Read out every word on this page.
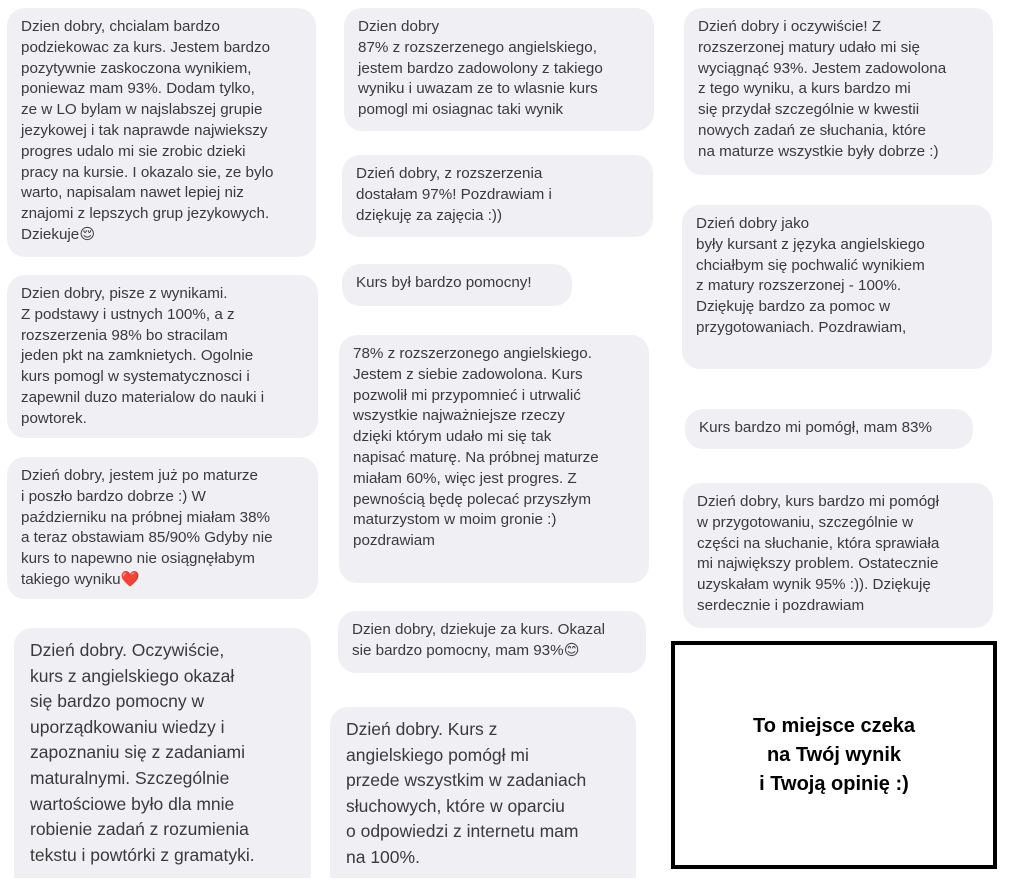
Dzien dobry, chcialam bardzo
podziekowac za kurs. Jestem bardzo
pozytywnie zaskoczona wynikiem,
poniewaz mam 93%. Dodam tylko,
ze w LO bylam w najslabszej grupie
jezykowej i tak naprawde najwiekszy
progres udalo mi sie zrobic dzieki
pracy na kursie. I okazalo sie, ze bylo
warto, napisalam nawet lepiej niz
znajomi z lepszych grup jezykowych.
Dziekuje😌
Dzien dobry, pisze z wynikami.
Z podstawy i ustnych 100%, a z
rozszerzenia 98% bo stracilam
jeden pkt na zamknietych. Ogolnie
kurs pomogl w systematycznosci i
zapewnil duzo materialow do nauki i
powtorek.
Dzień dobry, jestem już po maturze
i poszło bardzo dobrze :) W
październiku na próbnej miałam 38%
a teraz obstawiam 85/90% Gdyby nie
kurs to napewno nie osiągnęłabym
takiego wyniku❤️
Dzień dobry. Oczywiście,
kurs z angielskiego okazał
się bardzo pomocny w
uporządkowaniu wiedzy i
zapoznaniu się z zadaniami
maturalnymi. Szczególnie
wartościowe było dla mnie
robienie zadań z rozumienia
tekstu i powtórki z gramatyki.
Dzien dobry
87% z rozszerzenego angielskiego,
jestem bardzo zadowolony z takiego
wyniku i uwazam ze to wlasnie kurs
pomogl mi osiagnac taki wynik
Dzień dobry, z rozszerzenia
dostałam 97%! Pozdrawiam i
dziękuję za zajęcia :))
Kurs był bardzo pomocny!
78% z rozszerzonego angielskiego.
Jestem z siebie zadowolona. Kurs
pozwolił mi przypomnieć i utrwalić
wszystkie najważniejsze rzeczy
dzięki którym udało mi się tak
napisać maturę. Na próbnej maturze
miałam 60%, więc jest progres. Z
pewnością będę polecać przyszłym
maturzystom w moim gronie :)
pozdrawiam
Dzien dobry, dziekuje za kurs. Okazal
sie bardzo pomocny, mam 93%😊
Dzień dobry. Kurs z
angielskiego pomógł mi
przede wszystkim w zadaniach
słuchowych, które w oparciu
o odpowiedzi z internetu mam
na 100%.
Dzień dobry i oczywiście! Z
rozszerzonej matury udało mi się
wyciągnąć 93%. Jestem zadowolona
z tego wyniku, a kurs bardzo mi
się przydał szczególnie w kwestii
nowych zadań ze słuchania, które
na maturze wszystkie były dobrze :)
Dzień dobry jako
były kursant z języka angielskiego
chciałbym się pochwalić wynikiem
z matury rozszerzonej - 100%.
Dziękuję bardzo za pomoc w
przygotowaniach. Pozdrawiam,
Kurs bardzo mi pomógł, mam 83%
Dzień dobry, kurs bardzo mi pomógł
w przygotowaniu, szczególnie w
części na słuchanie, która sprawiała
mi największy problem. Ostatecznie
uzyskałam wynik 95% :)). Dziękuję
serdecznie i pozdrawiam
To miejsce czeka
na Twój wynik
i Twoją opinię :)
